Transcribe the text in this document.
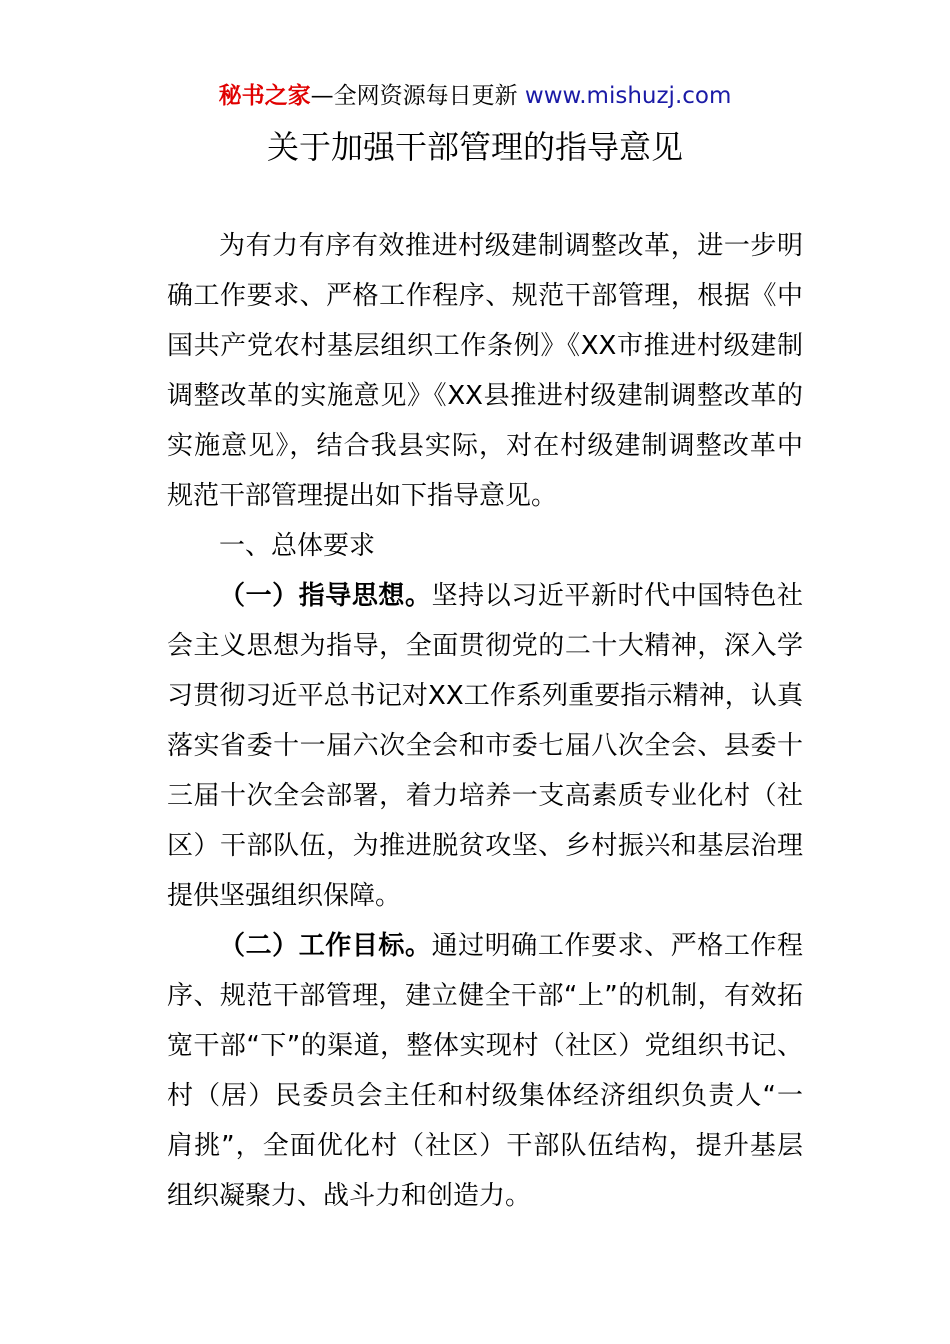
秘书之家—全网资源每日更新 www.mishuzj.com
关于加强干部管理的指导意见

为有力有序有效推进村级建制调整改革，进一步明确工作要求、严格工作程序、规范干部管理，根据《中国共产党农村基层组织工作条例》《XX市推进村级建制调整改革的实施意见》《XX县推进村级建制调整改革的实施意见》，结合我县实际，对在村级建制调整改革中规范干部管理提出如下指导意见。

一、总体要求

（一）指导思想。坚持以习近平新时代中国特色社会主义思想为指导，全面贯彻党的二十大精神，深入学习贯彻习近平总书记对XX工作系列重要指示精神，认真落实省委十一届六次全会和市委七届八次全会、县委十三届十次全会部署，着力培养一支高素质专业化村（社区）干部队伍，为推进脱贫攻坚、乡村振兴和基层治理提供坚强组织保障。

（二）工作目标。通过明确工作要求、严格工作程序、规范干部管理，建立健全干部“上”的机制，有效拓宽干部“下”的渠道，整体实现村（社区）党组织书记、村（居）民委员会主任和村级集体经济组织负责人“一肩挑”，全面优化村（社区）干部队伍结构，提升基层组织凝聚力、战斗力和创造力。
